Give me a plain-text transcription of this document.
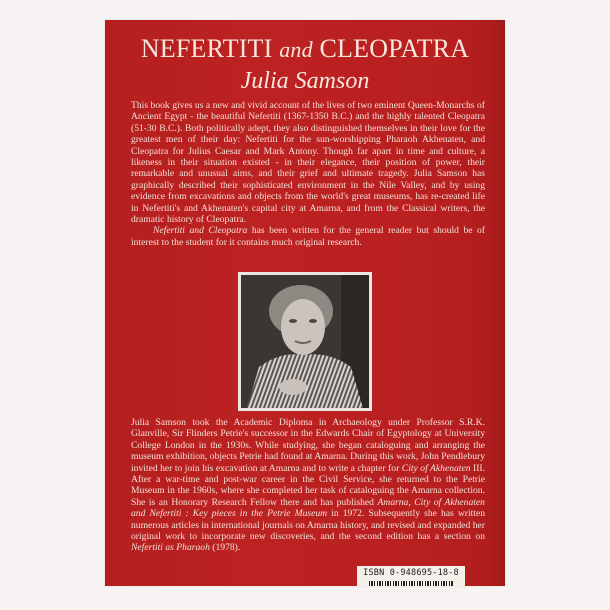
NEFERTITI and CLEOPATRA
Julia Samson

This book gives us a new and vivid account of the lives of two eminent Queen-Monarchs of Ancient Egypt - the beautiful Nefertiti (1367-1350 B.C.) and the highly talented Cleopatra (51-30 B.C.). Both politically adept, they also distinguished themselves in their love for the greatest men of their day: Nefertiti for the sun-worshipping Pharaoh Akhenaten, and Cleopatra for Julius Caesar and Mark Antony. Though far apart in time and culture, a likeness in their situation existed - in their elegance, their position of power, their remarkable and unusual aims, and their grief and ultimate tragedy. Julia Samson has graphically described their sophisticated environment in the Nile Valley, and by using evidence from excavations and objects from the world's great museums, has re-created life in Nefertiti's and Akhenaten's capital city at Amarna, and from the Classical writers, the dramatic history of Cleopatra.

Nefertiti and Cleopatra has been written for the general reader but should be of interest to the student for it contains much original research.

Julia Samson took the Academic Diploma in Archaeology under Professor S.R.K. Glanville, Sir Flinders Petrie's successor in the Edwards Chair of Egyptology at University College London in the 1930s. While studying, she began cataloguing and arranging the museum exhibition, objects Petrie had found at Amarna. During this work, John Pendlebury invited her to join his excavation at Amarna and to write a chapter for City of Akhenaten III. After a war-time and post-war career in the Civil Service, she returned to the Petrie Museum in the 1960s, where she completed her task of cataloguing the Amarna collection. She is an Honorary Research Fellow there and has published Amarna, City of Akhenaten and Nefertiti : Key pieces in the Petrie Museum in 1972. Subsequently she has written numerous articles in international journals on Amarna history, and revised and expanded her original work to incorporate new discoveries, and the second edition has a section on Nefertiti as Pharaoh (1978).

ISBN 0-948695-18-8
